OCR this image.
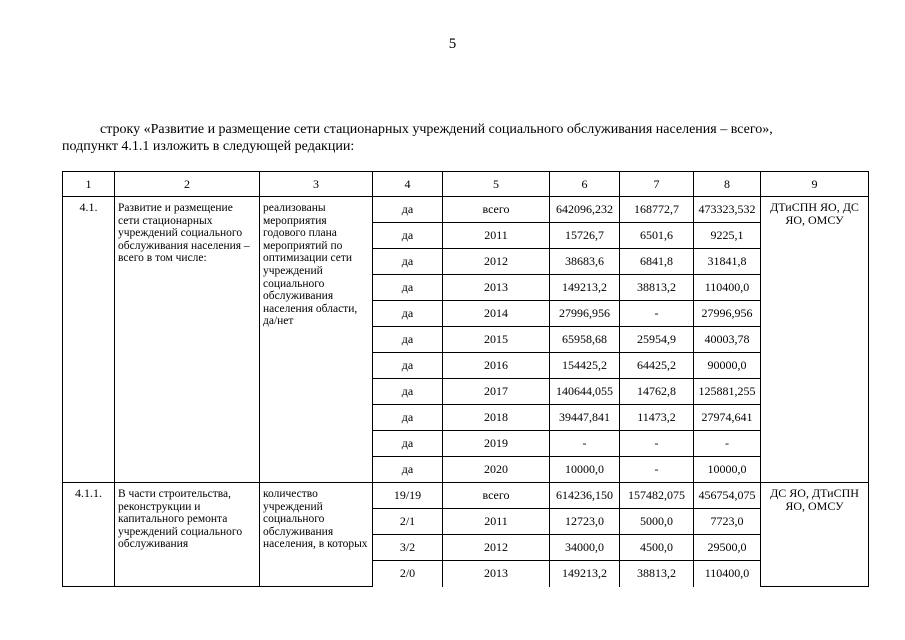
5
строку «Развитие и размещение сети стационарных учреждений социального обслуживания населения – всего»,
подпункт 4.1.1 изложить в следующей редакции:
1	2	3	4	5	6	7	8	9
4.1.	Развитие и размещение сети стационарных учреждений социального обслуживания населения – всего в том числе:	реализованы мероприятия годового плана мероприятий по оптимизации сети учреждений социального обслуживания населения области, да/нет	да	всего	642096,232	168772,7	473323,532	ДТиСПН ЯО, ДС ЯО, ОМСУ
			да	2011	15726,7	6501,6	9225,1	
			да	2012	38683,6	6841,8	31841,8	
			да	2013	149213,2	38813,2	110400,0	
			да	2014	27996,956	-	27996,956	
			да	2015	65958,68	25954,9	40003,78	
			да	2016	154425,2	64425,2	90000,0	
			да	2017	140644,055	14762,8	125881,255	
			да	2018	39447,841	11473,2	27974,641	
			да	2019	-	-	-	
			да	2020	10000,0	-	10000,0	
4.1.1.	В части строительства, реконструкции и капитального ремонта учреждений социального обслуживания	количество учреждений социального обслуживания населения, в которых	19/19	всего	614236,150	157482,075	456754,075	ДС ЯО, ДТиСПН ЯО, ОМСУ
			2/1	2011	12723,0	5000,0	7723,0	
			3/2	2012	34000,0	4500,0	29500,0	
			2/0	2013	149213,2	38813,2	110400,0	
